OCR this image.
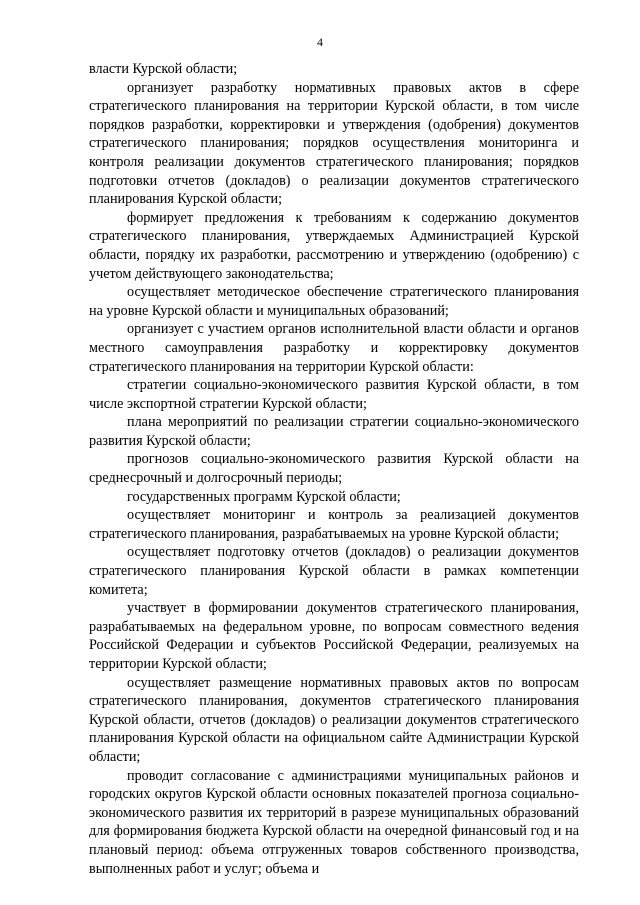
4

власти Курской области;

организует разработку нормативных правовых актов в сфере стратегического планирования на территории Курской области, в том числе порядков разработки, корректировки и утверждения (одобрения) документов стратегического планирования; порядков осуществления мониторинга и контроля реализации документов стратегического планирования; порядков подготовки отчетов (докладов) о реализации документов стратегического планирования Курской области;

формирует предложения к требованиям к содержанию документов стратегического планирования, утверждаемых Администрацией Курской области, порядку их разработки, рассмотрению и утверждению (одобрению) с учетом действующего законодательства;

осуществляет методическое обеспечение стратегического планирования на уровне Курской области и муниципальных образований;

организует с участием органов исполнительной власти области и органов местного самоуправления разработку и корректировку документов стратегического планирования на территории Курской области:

стратегии социально-экономического развития Курской области, в том числе экспортной стратегии Курской области;

плана мероприятий по реализации стратегии социально-экономического развития Курской области;

прогнозов социально-экономического развития Курской области на среднесрочный и долгосрочный периоды;

государственных программ Курской области;

осуществляет мониторинг и контроль за реализацией документов стратегического планирования, разрабатываемых на уровне Курской области;

осуществляет подготовку отчетов (докладов) о реализации документов стратегического планирования Курской области в рамках компетенции комитета;

участвует в формировании документов стратегического планирования, разрабатываемых на федеральном уровне, по вопросам совместного ведения Российской Федерации и субъектов Российской Федерации, реализуемых на территории Курской области;

осуществляет размещение нормативных правовых актов по вопросам стратегического планирования, документов стратегического планирования Курской области, отчетов (докладов) о реализации документов стратегического планирования Курской области на официальном сайте Администрации Курской области;

проводит согласование с администрациями муниципальных районов и городских округов Курской области основных показателей прогноза социально-экономического развития их территорий в разрезе муниципальных образований для формирования бюджета Курской области на очередной финансовый год и на плановый период: объема отгруженных товаров собственного производства, выполненных работ и услуг; объема и
